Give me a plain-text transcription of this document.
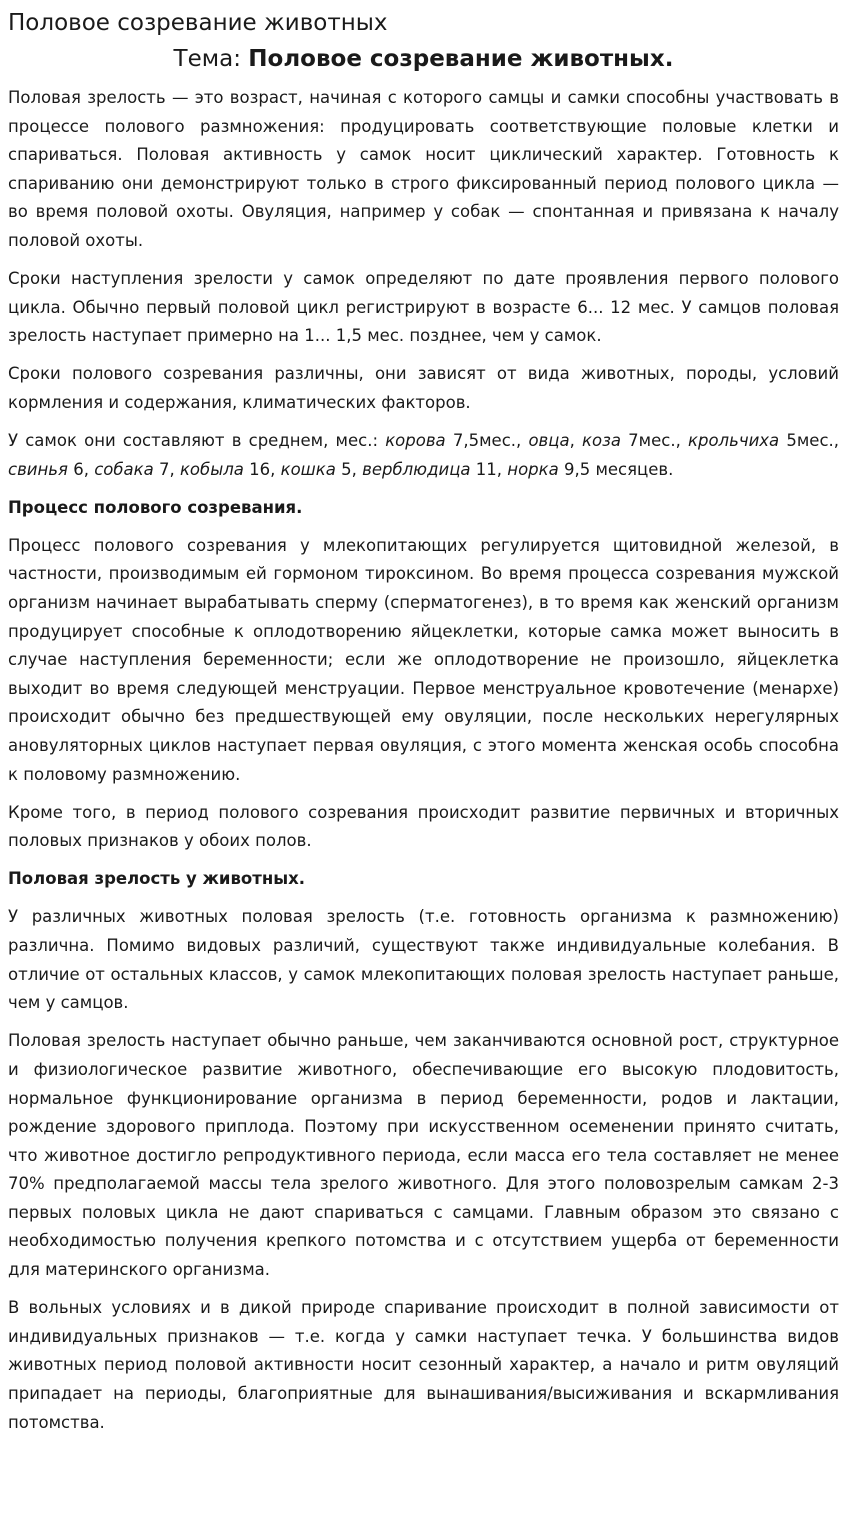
Половое созревание животных
Тема: Половое созревание животных.

Половая зрелость — это возраст, начиная с которого самцы и самки способны участвовать в процессе полового размножения: продуцировать соответствующие половые клетки и спариваться. Половая активность у самок носит циклический характер. Готовность к спариванию они демонстрируют только в строго фиксированный период полового цикла — во время половой охоты. Овуляция, например у собак — спонтанная и привязана к началу половой охоты.

Сроки наступления зрелости у самок определяют по дате проявления первого полового цикла. Обычно первый половой цикл регистрируют в возрасте 6... 12 мес. У самцов половая зрелость наступает примерно на 1... 1,5 мес. позднее, чем у самок.

Сроки полового созревания различны, они зависят от вида животных, породы, условий кормления и содержания, климатических факторов.

У самок они составляют в среднем, мес.: корова 7,5мес., овца, коза 7мес., крольчиха 5мес., свинья 6, собака 7, кобыла 16, кошка 5, верблюдица 11, норка 9,5 месяцев.

Процесс полового созревания.

Процесс полового созревания у млекопитающих регулируется щитовидной железой, в частности, производимым ей гормоном тироксином. Во время процесса созревания мужской организм начинает вырабатывать сперму (сперматогенез), в то время как женский организм продуцирует способные к оплодотворению яйцеклетки, которые самка может выносить в случае наступления беременности; если же оплодотворение не произошло, яйцеклетка выходит во время следующей менструации. Первое менструальное кровотечение (менархе) происходит обычно без предшествующей ему овуляции, после нескольких нерегулярных ановуляторных циклов наступает первая овуляция, с этого момента женская особь способна к половому размножению.

Кроме того, в период полового созревания происходит развитие первичных и вторичных половых признаков у обоих полов.

Половая зрелость у животных.

У различных животных половая зрелость (т.е. готовность организма к размножению) различна. Помимо видовых различий, существуют также индивидуальные колебания. В отличие от остальных классов, у самок млекопитающих половая зрелость наступает раньше, чем у самцов.

Половая зрелость наступает обычно раньше, чем заканчиваются основной рост, структурное и физиологическое развитие животного, обеспечивающие его высокую плодовитость, нормальное функционирование организма в период беременности, родов и лактации, рождение здорового приплода. Поэтому при искусственном осеменении принято считать, что животное достигло репродуктивного периода, если масса его тела составляет не менее 70% предполагаемой массы тела зрелого животного. Для этого половозрелым самкам 2-3 первых половых цикла не дают спариваться с самцами. Главным образом это связано с необходимостью получения крепкого потомства и с отсутствием ущерба от беременности для материнского организма.

В вольных условиях и в дикой природе спаривание происходит в полной зависимости от индивидуальных признаков — т.е. когда у самки наступает течка. У большинства видов животных период половой активности носит сезонный характер, а начало и ритм овуляций припадает на периоды, благоприятные для вынашивания/высиживания и вскармливания потомства.
